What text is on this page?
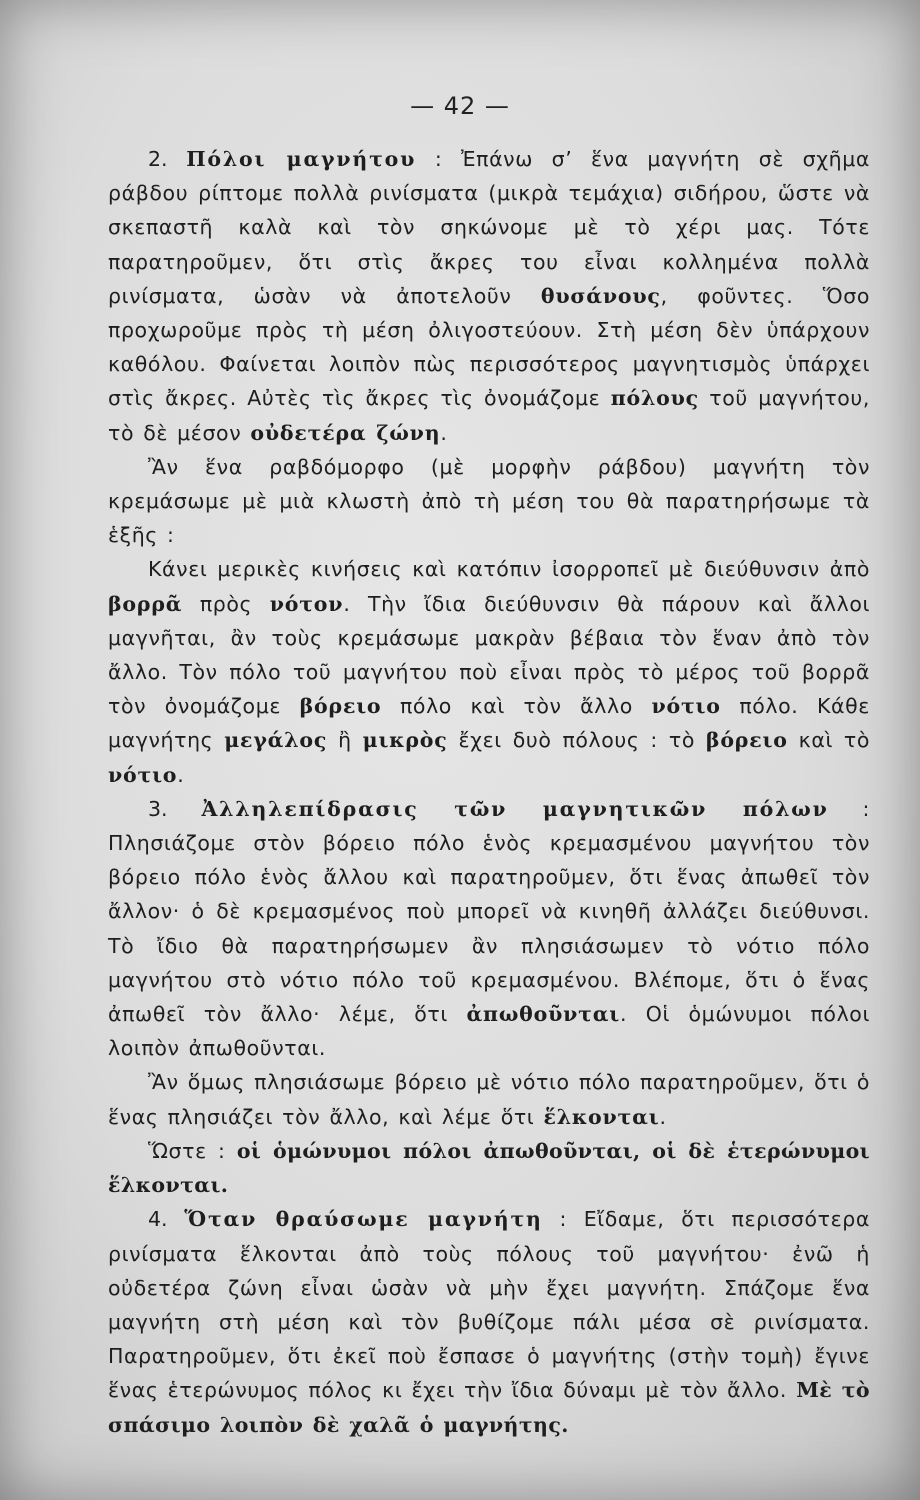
— 42 —

2. Πόλοι μαγνήτου : Ἐπάνω σ’ ἕνα μαγνήτη σὲ σχῆμα ράβδου ρίπτομε πολλὰ ρινίσματα (μικρὰ τεμάχια) σιδήρου, ὥστε νὰ σκεπαστῆ καλὰ καὶ τὸν σηκώνομε μὲ τὸ χέρι μας. Τότε παρατηροῦμεν, ὅτι στὶς ἄκρες του εἶναι κολλημένα πολλὰ ρινίσματα, ὡσὰν νὰ ἀποτελοῦν θυσάνους, φοῦντες. Ὅσο προχωροῦμε πρὸς τὴ μέση ὀλιγοστεύουν. Στὴ μέση δὲν ὑπάρχουν καθόλου. Φαίνεται λοιπὸν πὼς περισσότερος μαγνητισμὸς ὑπάρχει στὶς ἄκρες. Αὐτὲς τὶς ἄκρες τὶς ὀνομάζομε πόλους τοῦ μαγνήτου, τὸ δὲ μέσον οὐδετέρα ζώνη.

Ἂν ἕνα ραβδόμορφο (μὲ μορφὴν ράβδου) μαγνήτη τὸν κρεμάσωμε μὲ μιὰ κλωστὴ ἀπὸ τὴ μέση του θὰ παρατηρήσωμε τὰ ἑξῆς :

Κάνει μερικὲς κινήσεις καὶ κατόπιν ἰσορροπεῖ μὲ διεύθυνσιν ἀπὸ βορρᾶ πρὸς νότον. Τὴν ἴδια διεύθυνσιν θὰ πάρουν καὶ ἄλλοι μαγνῆται, ἂν τοὺς κρεμάσωμε μακρὰν βέβαια τὸν ἕναν ἀπὸ τὸν ἄλλο. Τὸν πόλο τοῦ μαγνήτου ποὺ εἶναι πρὸς τὸ μέρος τοῦ βορρᾶ τὸν ὀνομάζομε βόρειο πόλο καὶ τὸν ἄλλο νότιο πόλο. Κάθε μαγνήτης μεγάλος ἢ μικρὸς ἔχει δυὸ πόλους : τὸ βόρειο καὶ τὸ νότιο.

3. Ἀλληλεπίδρασις τῶν μαγνητικῶν πόλων : Πλησιάζομε στὸν βόρειο πόλο ἑνὸς κρεμασμένου μαγνήτου τὸν βόρειο πόλο ἑνὸς ἄλλου καὶ παρατηροῦμεν, ὅτι ἕνας ἀπωθεῖ τὸν ἄλλον· ὁ δὲ κρεμασμένος ποὺ μπορεῖ νὰ κινηθῆ ἀλλάζει διεύθυνσι. Τὸ ἴδιο θὰ παρατηρήσωμεν ἂν πλησιάσωμεν τὸ νότιο πόλο μαγνήτου στὸ νότιο πόλο τοῦ κρεμασμένου. Βλέπομε, ὅτι ὁ ἕνας ἀπωθεῖ τὸν ἄλλο· λέμε, ὅτι ἀπωθοῦνται. Οἱ ὁμώνυμοι πόλοι λοιπὸν ἀπωθοῦνται.

Ἂν ὅμως πλησιάσωμε βόρειο μὲ νότιο πόλο παρατηροῦμεν, ὅτι ὁ ἕνας πλησιάζει τὸν ἄλλο, καὶ λέμε ὅτι ἕλκονται.

Ὥστε : οἱ ὁμώνυμοι πόλοι ἀπωθοῦνται, οἱ δὲ ἑτερώνυμοι ἕλκονται.

4. Ὅταν θραύσωμε μαγνήτη : Εἴδαμε, ὅτι περισσότερα ρινίσματα ἕλκονται ἀπὸ τοὺς πόλους τοῦ μαγνήτου· ἐνῶ ἡ οὐδετέρα ζώνη εἶναι ὡσὰν νὰ μὴν ἔχει μαγνήτη. Σπάζομε ἕνα μαγνήτη στὴ μέση καὶ τὸν βυθίζομε πάλι μέσα σὲ ρινίσματα. Παρατηροῦμεν, ὅτι ἐκεῖ ποὺ ἔσπασε ὁ μαγνήτης (στὴν τομὴ) ἔγινε ἕνας ἑτερώνυμος πόλος κι ἔχει τὴν ἴδια δύναμι μὲ τὸν ἄλλο. Μὲ τὸ σπάσιμο λοιπὸν δὲ χαλᾶ ὁ μαγνήτης.
